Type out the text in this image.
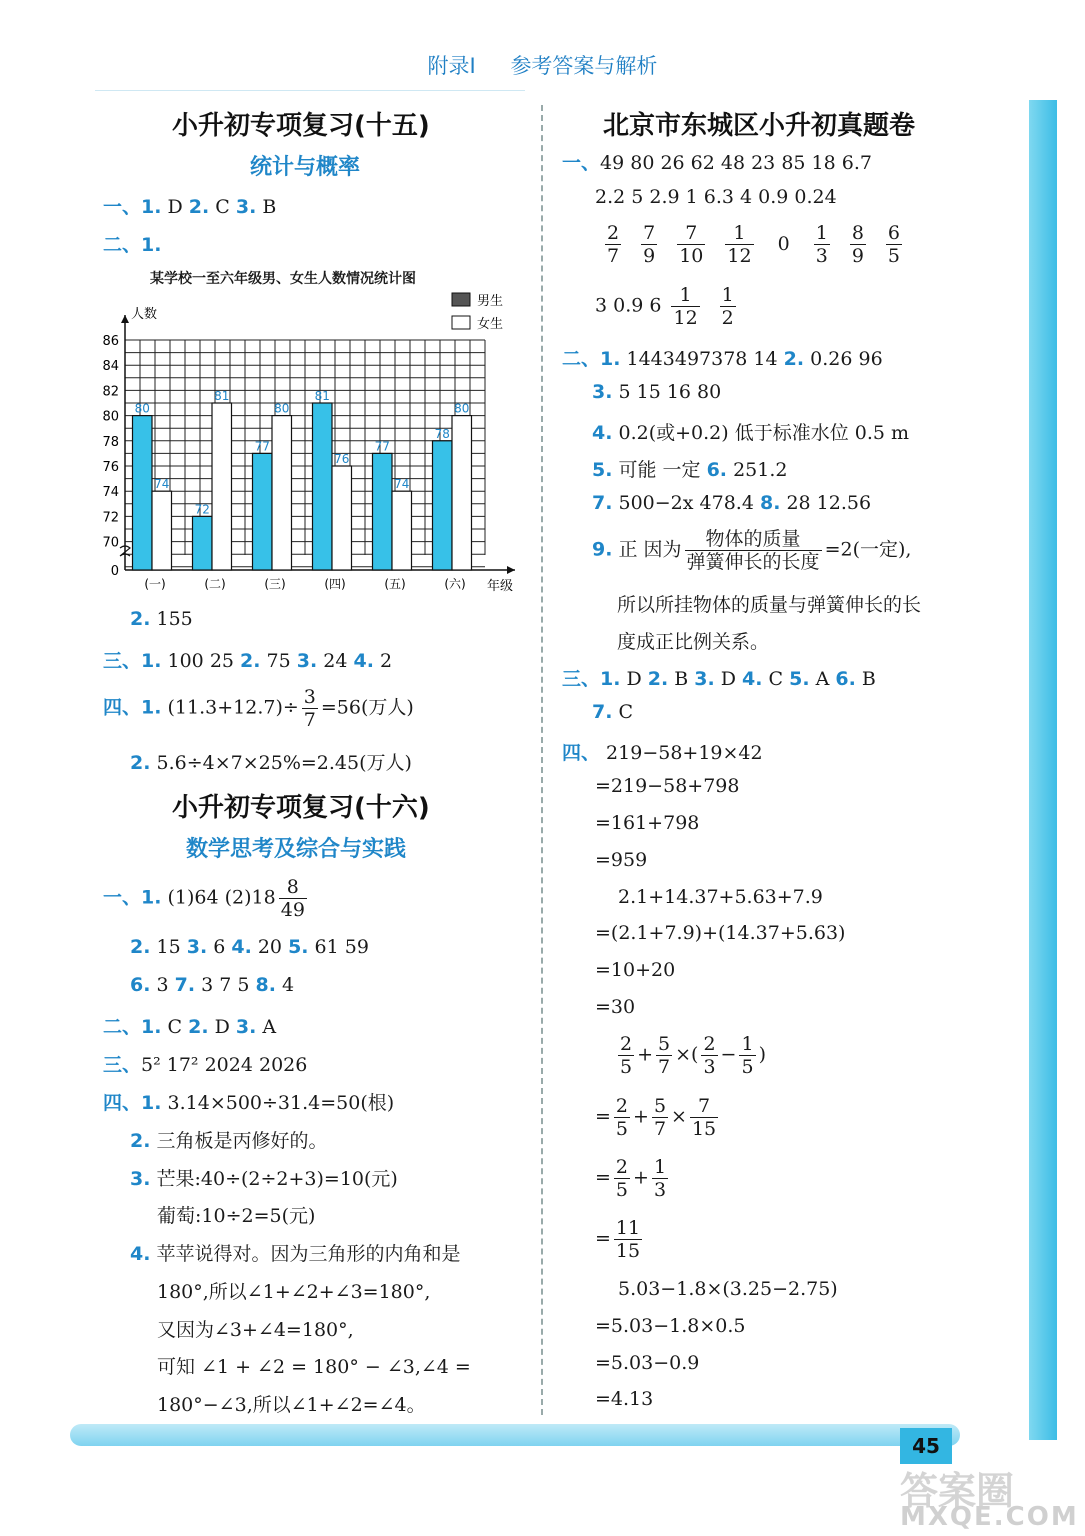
附录Ⅰ 参考答案与解析
小升初专项复习(十五)
统计与概率
一、1. D 2. C 3. B
二、1.
某学校一至六年级男、女生人数情况统计图
0
70
72
74
76
78
80
82
84
86
人数
年级
80
74
(一)
72
81
(二)
77
80
(三)
81
76
(四)
77
74
(五)
78
80
(六)
男生
女生
2. 155
三、1. 100 25 2. 75 3. 24 4. 2
四、1. $(11.3+12.7)\div \frac{3}{7} =56$(万人)
2. 5.6÷4×7×25%=2.45(万人)
小升初专项复习(十六)
数学思考及综合与实践
一、1. (1)64 $(2)18 \frac{8}{49}$
2. 15 3. 6 4. 20 5. 61 59
6. 3 7. 3 7 5 8. 4
二、1. C 2. D 3. A
三、5² 17² 2024 2026
四、1. 3.14×500÷31.4=50(根)
2. 三角板是丙修好的。
3. 芒果:40÷(2÷2+3)=10(元)
葡萄:10÷2=5(元)
4. 苹苹说得对。因为三角形的内角和是
180°,所以∠1+∠2+∠3=180°,
又因为∠3+∠4=180°,
可知 ∠1 + ∠2 = 180° − ∠3,∠4 =
180°−∠3,所以∠1+∠2=∠4。
北京市东城区小升初真题卷
一、49 80 26 62 48 23 85 18 6.7
2.2 5 2.9 1 6.3 4 0.9 0.24
$\frac{2}{7} \frac{7}{9} \frac{7}{10} \frac{1}{12} 0 \frac{1}{3} \frac{8}{9} \frac{6}{5}$
3 0.9 $6 \frac{1}{12} \frac{1}{2}$
二、1. 1443497378 14 2. 0.26 96
3. 5 15 16 80
4. 0.2(或+0.2) 低于标准水位 0.5 m
5. 可能 一定 6. 251.2
7. 500−2x 478.4 8. 28 12.56
9. 正 因为 $\frac{\text{物体的质量}}{\text{弹簧伸长的长度}} =2$(一定),
所以所挂物体的质量与弹簧伸长的长
度成正比例关系。
三、1. D 2. B 3. D 4. C 5. A 6. B
7. C
四、 219−58+19×42
=219−58+798
=161+798
=959
2.1+14.37+5.63+7.9
=(2.1+7.9)+(14.37+5.63)
=10+20
=30
$\frac{2}{5} + \frac{5}{7}$ ×( $\frac{2}{3} - \frac{1}{5}$ )
= $\frac{2}{5} + \frac{5}{7} \times \frac{7}{15}$
= $\frac{2}{5} + \frac{1}{3}$
= $\frac{11}{15}$
5.03−1.8×(3.25−2.75)
=5.03−1.8×0.5
=5.03−0.9
=4.13
45
答案圈
MXQE.COM
